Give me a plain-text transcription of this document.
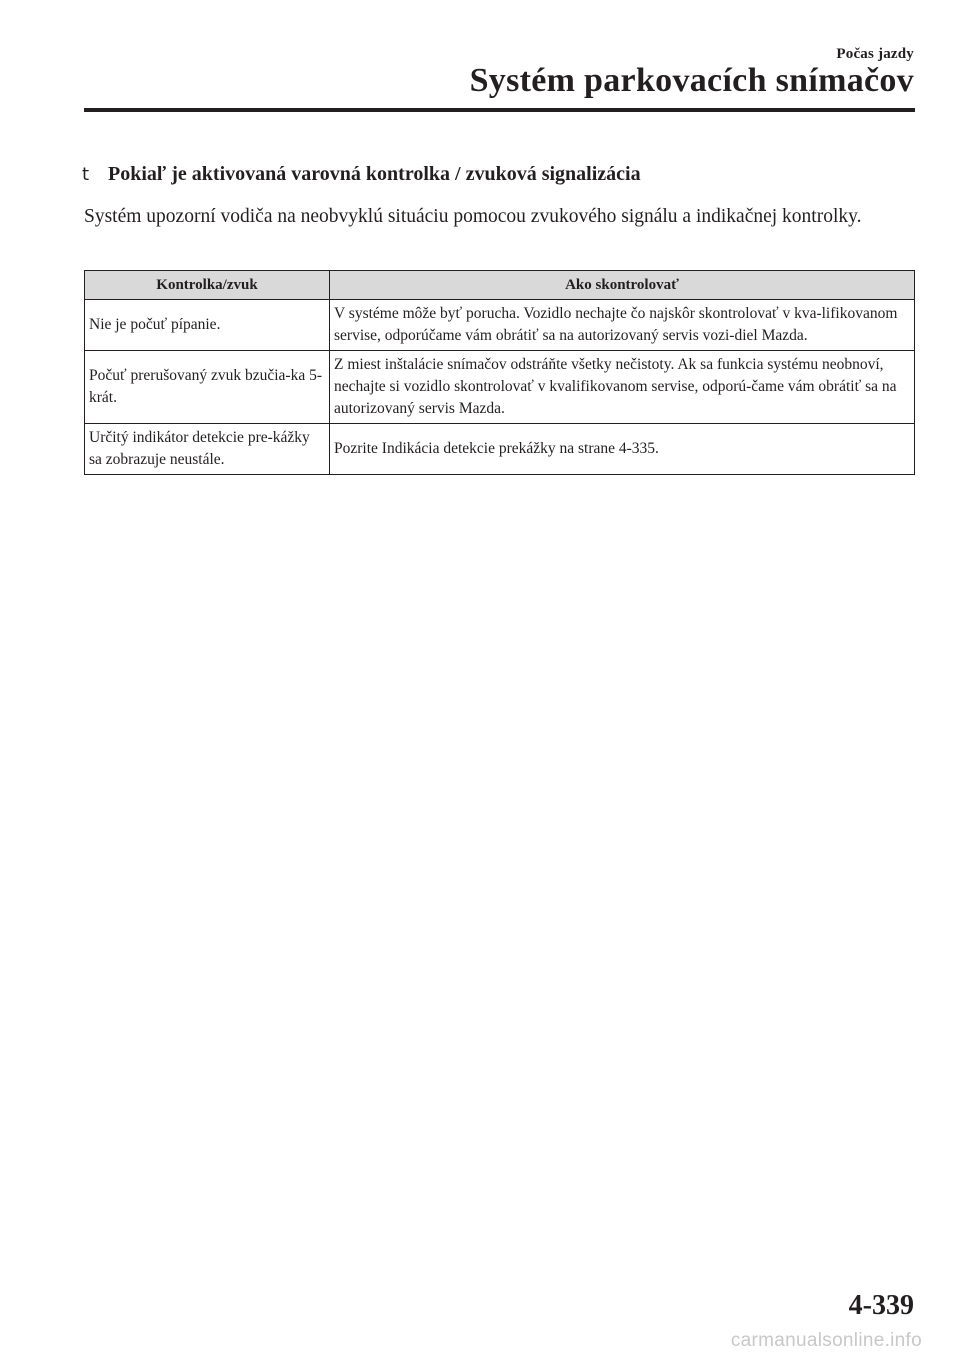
Počas jazdy
Systém parkovacích snímačov
t Pokiaľ je aktivovaná varovná kontrolka / zvuková signalizácia
Systém upozorní vodiča na neobvyklú situáciu pomocou zvukového signálu a indikačnej kontrolky.
Kontrolka/zvuk	Ako skontrolovať
Nie je počuť pípanie.	V systéme môže byť porucha. Vozidlo nechajte čo najskôr skontrolovať v kva-lifikovanom servise, odporúčame vám obrátiť sa na autorizovaný servis vozi-diel Mazda.
Počuť prerušovaný zvuk bzučia-ka 5-krát.	Z miest inštalácie snímačov odstráňte všetky nečistoty. Ak sa funkcia systému neobnoví, nechajte si vozidlo skontrolovať v kvalifikovanom servise, odporú-čame vám obrátiť sa na autorizovaný servis Mazda.
Určitý indikátor detekcie pre-kážky sa zobrazuje neustále.	Pozrite Indikácia detekcie prekážky na strane 4-335.
4-339
carmanualsonline.info
